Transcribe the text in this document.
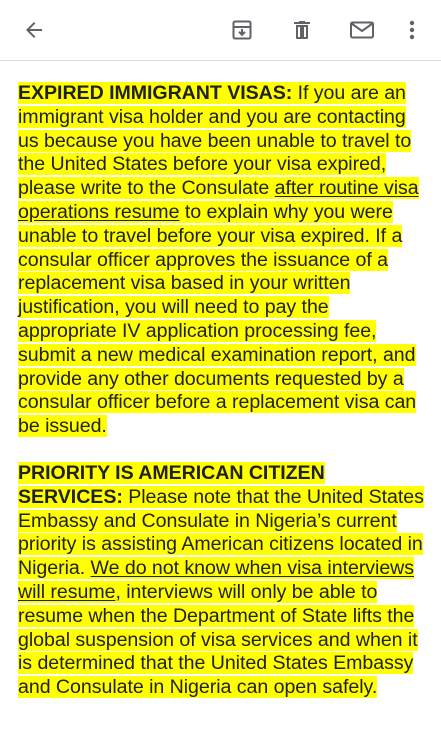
EXPIRED IMMIGRANT VISAS: If you are an immigrant visa holder and you are contacting us because you have been unable to travel to the United States before your visa expired, please write to the Consulate after routine visa operations resume to explain why you were unable to travel before your visa expired. If a consular officer approves the issuance of a replacement visa based in your written justification, you will need to pay the appropriate IV application processing fee, submit a new medical examination report, and provide any other documents requested by a consular officer before a replacement visa can be issued.

PRIORITY IS AMERICAN CITIZEN SERVICES: Please note that the United States Embassy and Consulate in Nigeria’s current priority is assisting American citizens located in Nigeria. We do not know when visa interviews will resume, interviews will only be able to resume when the Department of State lifts the global suspension of visa services and when it is determined that the United States Embassy and Consulate in Nigeria can open safely.
